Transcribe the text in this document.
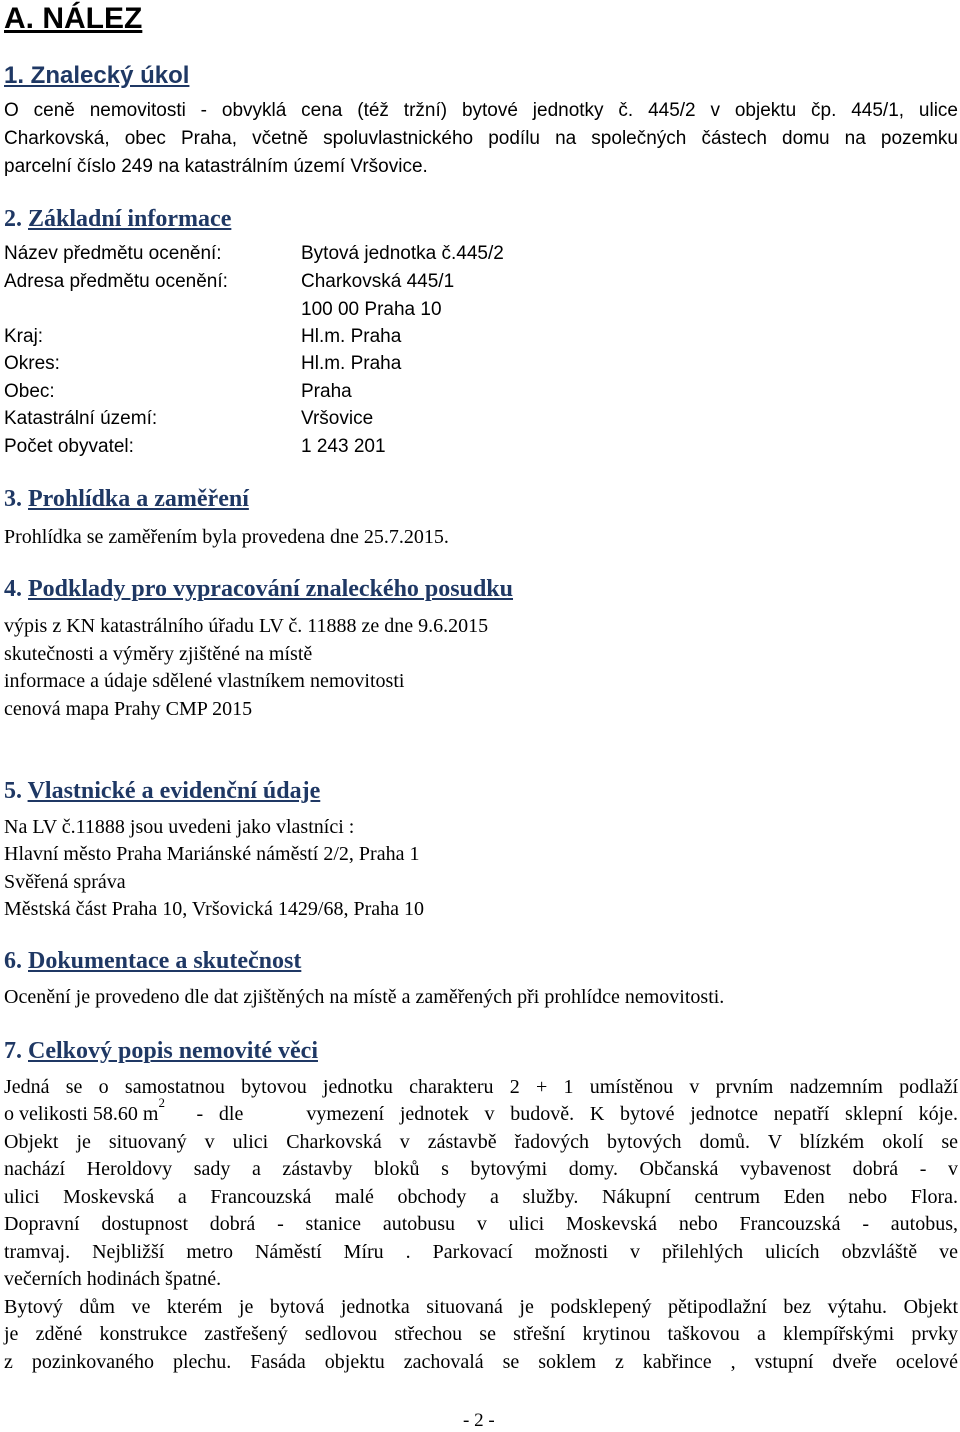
A. NÁLEZ
1. Znalecký úkol
O ceně nemovitosti - obvyklá cena (též tržní) bytové jednotky č. 445/2 v objektu čp. 445/1, ulice
Charkovská, obec Praha, včetně spoluvlastnického podílu na společných částech domu na pozemku
parcelní číslo 249 na katastrálním území Vršovice.
2. Základní informace
Název předmětu ocenění:	Bytová jednotka č.445/2
Adresa předmětu ocenění:	Charkovská 445/1
100 00 Praha 10
Kraj:	Hl.m. Praha
Okres:	Hl.m. Praha
Obec:	Praha
Katastrální území:	Vršovice
Počet obyvatel:	1 243 201
3. Prohlídka a zaměření
Prohlídka se zaměřením byla provedena dne 25.7.2015.
4. Podklady pro vypracování znaleckého posudku
výpis z KN katastrálního úřadu LV č. 11888 ze dne 9.6.2015
skutečnosti a výměry zjištěné na místě
informace a údaje sdělené vlastníkem nemovitosti
cenová mapa Prahy CMP 2015
5. Vlastnické a evidenční údaje
Na LV č.11888 jsou uvedeni jako vlastníci :
Hlavní město Praha Mariánské náměstí 2/2, Praha 1
Svěřená správa
Městská část Praha 10, Vršovická 1429/68, Praha 10
6. Dokumentace a skutečnost
Ocenění je provedeno dle dat zjištěných na místě a zaměřených při prohlídce nemovitosti.
7. Celkový popis nemovité věci
Jedná se o samostatnou bytovou jednotku charakteru 2 + 1 umístěnou v prvním nadzemním podlaží
o velikosti 58.60 m
2
- dle    vymezení jednotek v budově. K bytové jednotce nepatří sklepní kóje.
Objekt je situovaný v ulici Charkovská v zástavbě řadových bytových domů. V blízkém okolí se
nachází Heroldovy sady a zástavby bloků s bytovými domy. Občanská vybavenost dobrá - v
ulici Moskevská a Francouzská malé obchody a služby. Nákupní centrum Eden nebo Flora.
Dopravní dostupnost dobrá - stanice autobusu v ulici Moskevská nebo Francouzská - autobus,
tramvaj. Nejbližší metro Náměstí Míru . Parkovací možnosti v přilehlých ulicích obzvláště ve
večerních hodinách špatné.
Bytový dům ve kterém je bytová jednotka situovaná je podsklepený pětipodlažní bez výtahu. Objekt
je zděné konstrukce zastřešený sedlovou střechou se střešní krytinou taškovou a klempířskými prvky
z pozinkovaného plechu. Fasáda objektu zachovalá se soklem z kabřince , vstupní dveře ocelové
- 2 -
